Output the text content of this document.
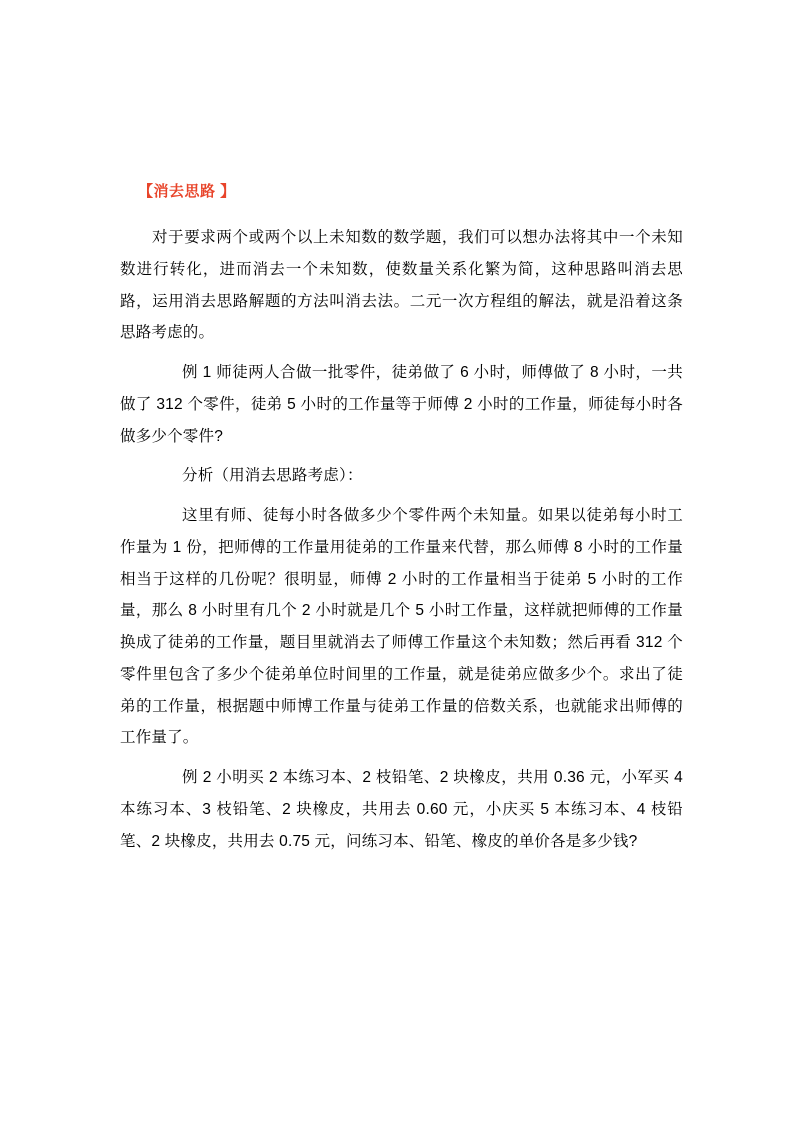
【消去思路 】

对于要求两个或两个以上未知数的数学题，我们可以想办法将其中一个未知数进行转化，进而消去一个未知数，使数量关系化繁为简，这种思路叫消去思路，运用消去思路解题的方法叫消去法。二元一次方程组的解法，就是沿着这条思路考虑的。

例 1 师徒两人合做一批零件，徒弟做了 6 小时，师傅做了 8 小时，一共做了 312 个零件，徒弟 5 小时的工作量等于师傅 2 小时的工作量，师徒每小时各做多少个零件?

分析（用消去思路考虑）：

这里有师、徒每小时各做多少个零件两个未知量。如果以徒弟每小时工作量为 1 份，把师傅的工作量用徒弟的工作量来代替，那么师傅 8 小时的工作量相当于这样的几份呢？很明显，师傅 2 小时的工作量相当于徒弟 5 小时的工作量，那么 8 小时里有几个 2 小时就是几个 5 小时工作量，这样就把师傅的工作量换成了徒弟的工作量，题目里就消去了师傅工作量这个未知数；然后再看 312 个零件里包含了多少个徒弟单位时间里的工作量，就是徒弟应做多少个。求出了徒弟的工作量，根据题中师博工作量与徒弟工作量的倍数关系，也就能求出师傅的工作量了。

例 2 小明买 2 本练习本、2 枝铅笔、2 块橡皮，共用 0.36 元，小军买 4 本练习本、3 枝铅笔、2 块橡皮，共用去 0.60 元，小庆买 5 本练习本、4 枝铅笔、2 块橡皮，共用去 0.75 元，问练习本、铅笔、橡皮的单价各是多少钱?
